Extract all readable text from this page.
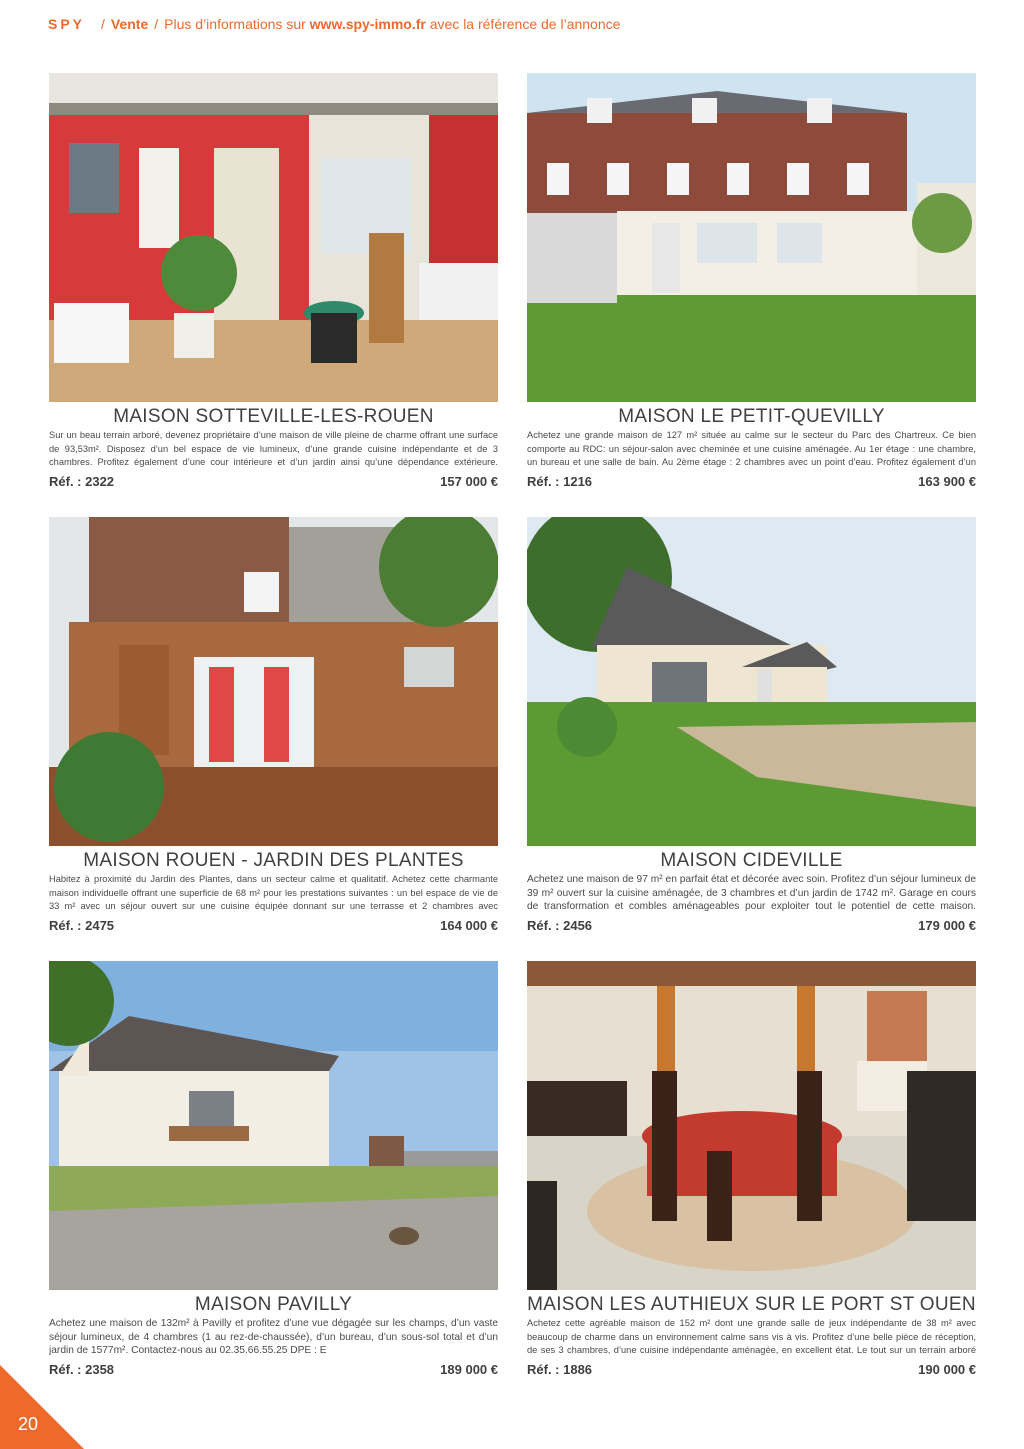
SPY / Vente / Plus d’informations sur
www.spy-immo.fr
avec la référence de l’annonce
MAISON SOTTEVILLE-LES-ROUEN
Sur un beau terrain arboré, devenez propriétaire d’une maison de ville pleine de charme offrant une surface de 93,53m². Disposez d’un bel espace de vie lumineux, d’une grande cuisine indépendante et de 3 chambres. Profitez également d’une cour intérieure et d’un jardin ainsi qu’une dépendance extérieure.
Réf. : 2322	157 000 €
MAISON LE PETIT-QUEVILLY
Achetez une grande maison de 127 m² située au calme sur le secteur du Parc des Chartreux. Ce bien comporte au RDC: un séjour-salon avec cheminée et une cuisine aménagée. Au 1er étage : une chambre, un bureau et une salle de bain. Au 2ème étage : 2 chambres avec un point d’eau. Profitez également d’un
Réf. : 1216	163 900 €
MAISON ROUEN - JARDIN DES PLANTES
Habitez à proximité du Jardin des Plantes, dans un secteur calme et qualitatif. Achetez cette charmante maison individuelle offrant une superficie de 68 m² pour les prestations suivantes : un bel espace de vie de 33 m² avec un séjour ouvert sur une cuisine équipée donnant sur une terrasse et 2 chambres avec
Réf. : 2475	164 000 €
MAISON CIDEVILLE
Achetez une maison de 97 m² en parfait état et décorée avec soin. Profitez d’un séjour lumineux de 39 m² ouvert sur la cuisine aménagée, de 3 chambres et d’un jardin de 1742 m². Garage en cours de transformation et combles aménageables pour exploiter tout le potentiel de cette maison.
Réf. : 2456	179 000 €
MAISON PAVILLY
Achetez une maison de 132m² à Pavilly et profitez d’une vue dégagée sur les champs, d’un vaste séjour lumineux, de 4 chambres (1 au rez-de-chaussée), d’un bureau, d’un sous-sol total et d’un jardin de 1577m². Contactez-nous au 02.35.66.55.25 DPE : E
Réf. : 2358	189 000 €
MAISON LES AUTHIEUX SUR LE PORT ST OUEN
Achetez cette agréable maison de 152 m² dont une grande salle de jeux indépendante de 38 m² avec beaucoup de charme dans un environnement calme sans vis à vis. Profitez d’une belle pièce de réception, de ses 3 chambres, d’une cuisine indépendante aménagée, en excellent état. Le tout sur un terrain arboré
Réf. : 1886	190 000 €
20
